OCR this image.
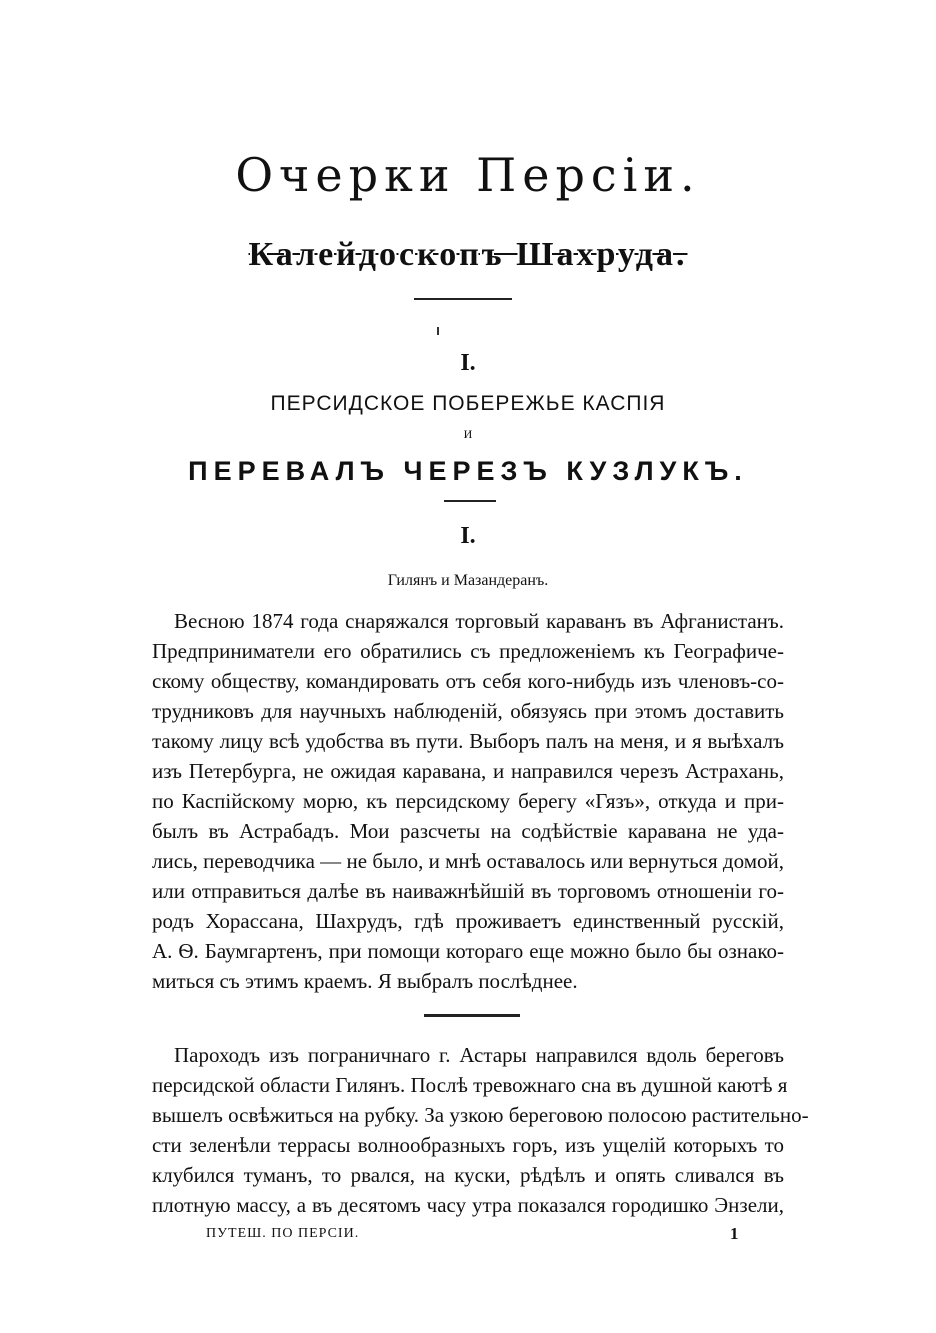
Очерки Персіи.
Калейдоскопъ Шахруда.
I.
ПЕРСИДСКОЕ ПОБЕРЕЖЬЕ КАСПІЯ
И
ПЕРЕВАЛЪ ЧЕРЕЗЪ КУЗЛУКЪ.
I.
Гилянъ и Мазандеранъ.
Весною 1874 года снаряжался торговый караванъ въ Афганистанъ.
Предприниматели его обратились съ предложеніемъ къ Географиче-
скому обществу, командировать отъ себя кого-нибудь изъ членовъ-со-
трудниковъ для научныхъ наблюденій, обязуясь при этомъ доставить
такому лицу всѣ удобства въ пути. Выборъ палъ на меня, и я выѣхалъ
изъ Петербурга, не ожидая каравана, и направился черезъ Астрахань,
по Каспійскому морю, къ персидскому берегу «Гязъ», откуда и при-
былъ въ Астрабадъ. Мои разсчеты на содѣйствіе каравана не уда-
лись, переводчика — не было, и мнѣ оставалось или вернуться домой,
или отправиться далѣе въ наиважнѣйшій въ торговомъ отношеніи го-
родъ Хорассана, Шахрудъ, гдѣ проживаетъ единственный русскій,
А. Ѳ. Баумгартенъ, при помощи котораго еще можно было бы ознако-
миться съ этимъ краемъ. Я выбралъ послѣднее.
Пароходъ изъ пограничнаго г. Астары направился вдоль береговъ
персидской области Гилянъ. Послѣ тревожнаго сна въ душной каютѣ я
вышелъ освѣжиться на рубку. За узкою береговою полосою растительно-
сти зеленѣли террасы волнообразныхъ горъ, изъ ущелій которыхъ то
клубился туманъ, то рвался, на куски, рѣдѣлъ и опять сливался въ
плотную массу, а въ десятомъ часу утра показался городишко Энзели,
ПУТЕШ. ПО ПЕРСІИ.	1
